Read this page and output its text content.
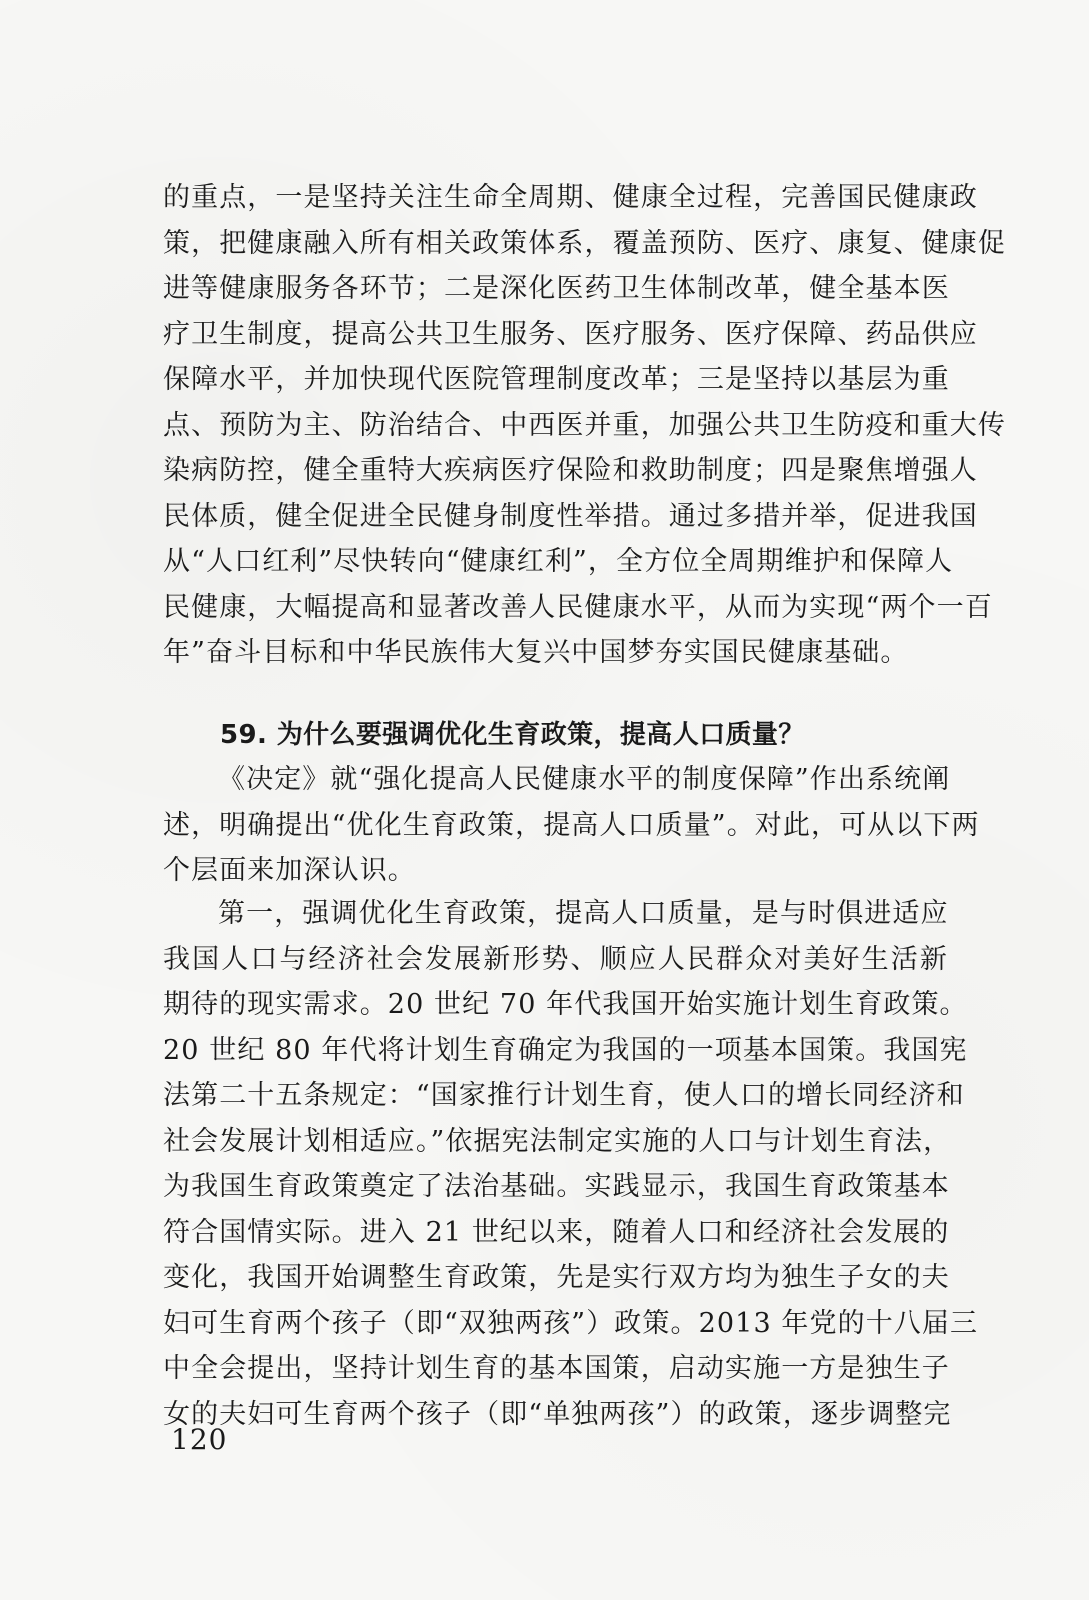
的重点，一是坚持关注生命全周期、健康全过程，完善国民健康政
策，把健康融入所有相关政策体系，覆盖预防、医疗、康复、健康促
进等健康服务各环节；二是深化医药卫生体制改革，健全基本医
疗卫生制度，提高公共卫生服务、医疗服务、医疗保障、药品供应
保障水平，并加快现代医院管理制度改革；三是坚持以基层为重
点、预防为主、防治结合、中西医并重，加强公共卫生防疫和重大传
染病防控，健全重特大疾病医疗保险和救助制度；四是聚焦增强人
民体质，健全促进全民健身制度性举措。通过多措并举，促进我国
从“人口红利”尽快转向“健康红利”，全方位全周期维护和保障人
民健康，大幅提高和显著改善人民健康水平，从而为实现“两个一百
年”奋斗目标和中华民族伟大复兴中国梦夯实国民健康基础。
59. 为什么要强调优化生育政策，提高人口质量？
《决定》就“强化提高人民健康水平的制度保障”作出系统阐
述，明确提出“优化生育政策，提高人口质量”。对此，可从以下两
个层面来加深认识。
第一，强调优化生育政策，提高人口质量，是与时俱进适应
我国人口与经济社会发展新形势、顺应人民群众对美好生活新
期待的现实需求。20 世纪 70 年代我国开始实施计划生育政策。
20 世纪 80 年代将计划生育确定为我国的一项基本国策。我国宪
法第二十五条规定：“国家推行计划生育，使人口的增长同经济和
社会发展计划相适应。”依据宪法制定实施的人口与计划生育法，
为我国生育政策奠定了法治基础。实践显示，我国生育政策基本
符合国情实际。进入 21 世纪以来，随着人口和经济社会发展的
变化，我国开始调整生育政策，先是实行双方均为独生子女的夫
妇可生育两个孩子（即“双独两孩”）政策。2013 年党的十八届三
中全会提出，坚持计划生育的基本国策，启动实施一方是独生子
女的夫妇可生育两个孩子（即“单独两孩”）的政策，逐步调整完
120
